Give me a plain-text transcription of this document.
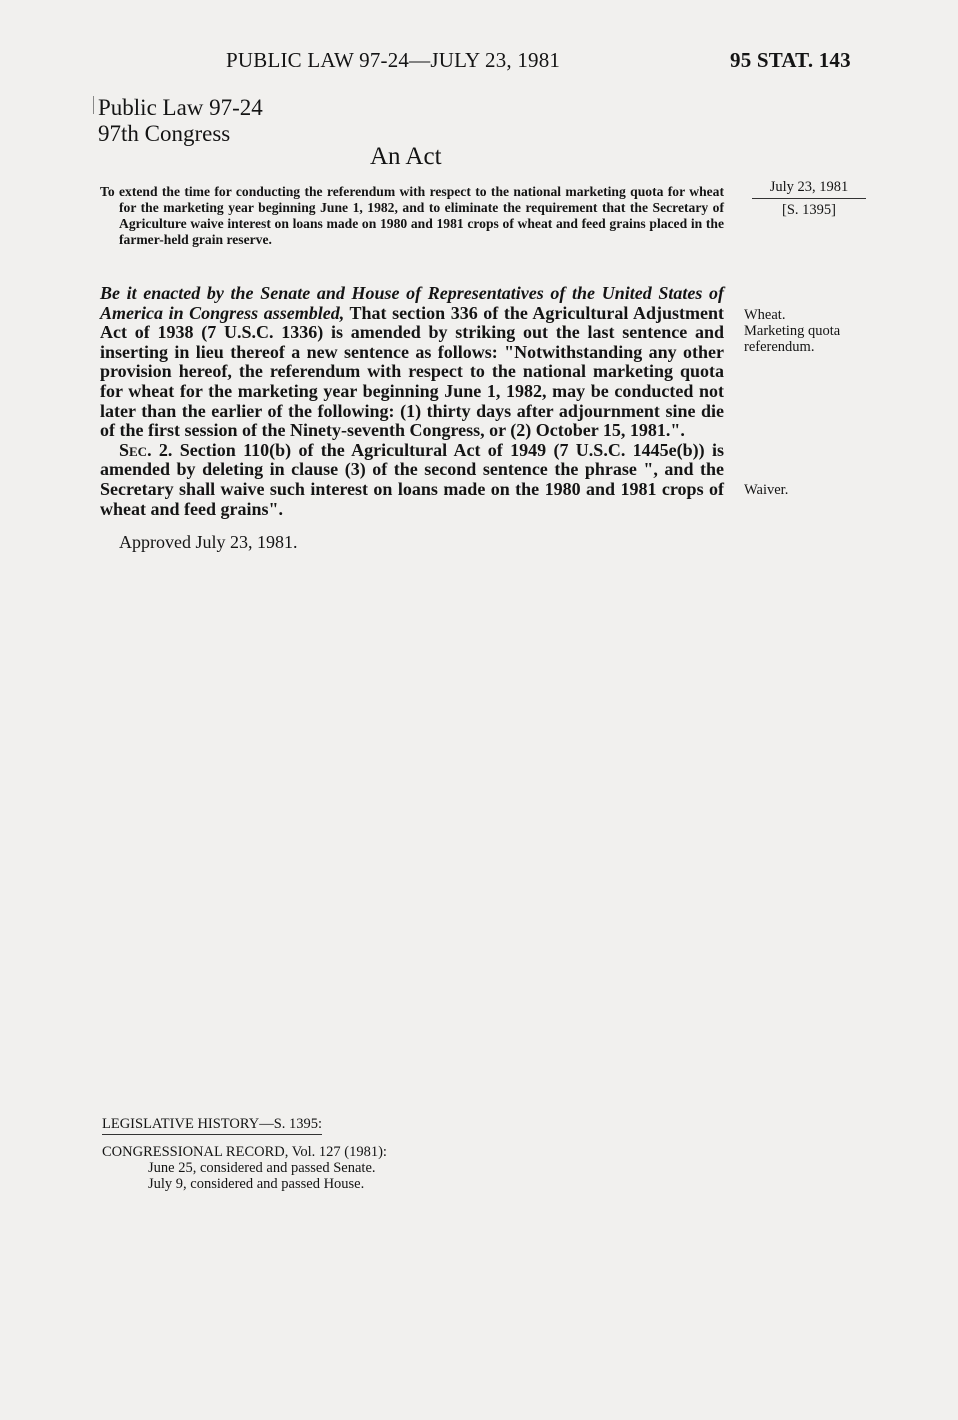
PUBLIC LAW 97-24—JULY 23, 1981	95 STAT. 143
Public Law 97-24
97th Congress
An Act

To extend the time for conducting the referendum with respect to the national marketing quota for wheat for the marketing year beginning June 1, 1982, and to eliminate the requirement that the Secretary of Agriculture waive interest on loans made on 1980 and 1981 crops of wheat and feed grains placed in the farmer-held grain reserve.

July 23, 1981
[S. 1395]

Be it enacted by the Senate and House of Representatives of the United States of America in Congress assembled, That section 336 of the Agricultural Adjustment Act of 1938 (7 U.S.C. 1336) is amended by striking out the last sentence and inserting in lieu thereof a new sentence as follows: "Notwithstanding any other provision hereof, the referendum with respect to the national marketing quota for wheat for the marketing year beginning June 1, 1982, may be conducted not later than the earlier of the following: (1) thirty days after adjournment sine die of the first session of the Ninety-seventh Congress, or (2) October 15, 1981.".

Sec. 2. Section 110(b) of the Agricultural Act of 1949 (7 U.S.C. 1445e(b)) is amended by deleting in clause (3) of the second sentence the phrase ", and the Secretary shall waive such interest on loans made on the 1980 and 1981 crops of wheat and feed grains".

Approved July 23, 1981.

Wheat.
Marketing quota
referendum.
Waiver.
LEGISLATIVE HISTORY—S. 1395:
CONGRESSIONAL RECORD, Vol. 127 (1981):
June 25, considered and passed Senate.
July 9, considered and passed House.
